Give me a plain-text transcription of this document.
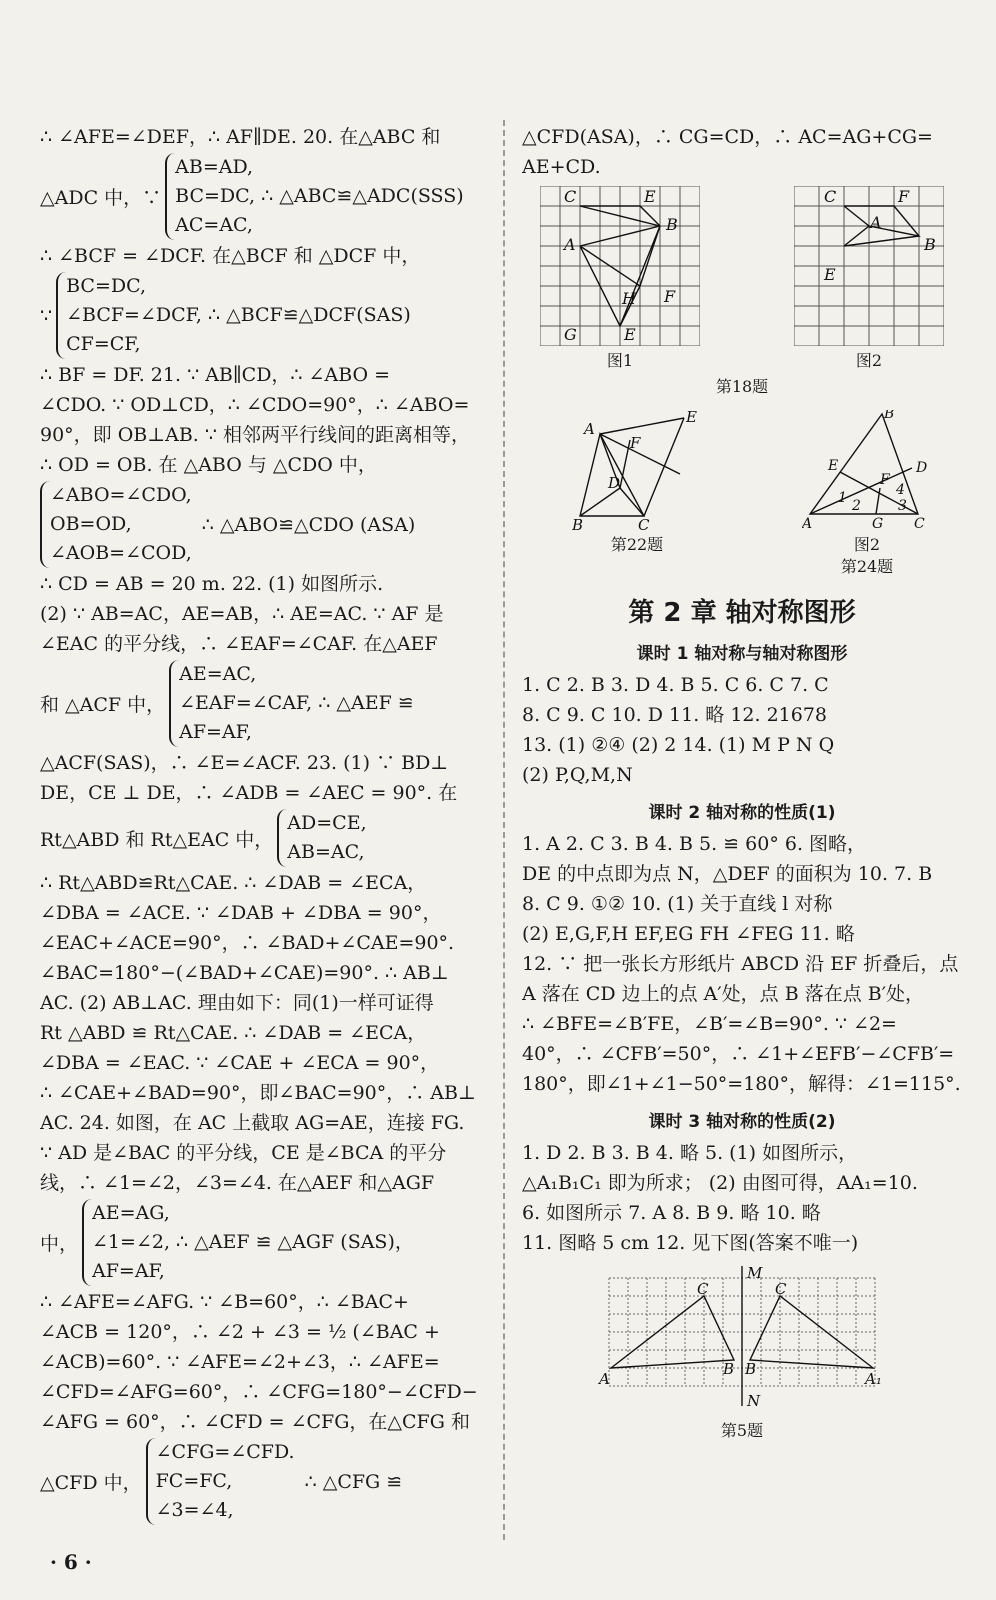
∴ ∠AFE=∠DEF，∴ AF∥DE. 20. 在△ABC 和
△ADC 中，∵
AB=AD,
BC=DC, ∴ △ABC≌△ADC(SSS)
AC=AC,
∴ ∠BCF = ∠DCF. 在△BCF 和 △DCF 中，
∵
BC=DC,
∠BCF=∠DCF, ∴ △BCF≌△DCF(SAS)
CF=CF,
∴ BF = DF. 21. ∵ AB∥CD，∴ ∠ABO =
∠CDO. ∵ OD⊥CD，∴ ∠CDO=90°，∴ ∠ABO=
90°，即 OB⊥AB. ∵ 相邻两平行线间的距离相等，
∴ OD = OB. 在 △ABO 与 △CDO 中，
∠ABO=∠CDO,
OB=OD,
∠AOB=∠COD,
∴ △ABO≌△CDO (ASA)
∴ CD = AB = 20 m. 22. (1) 如图所示.
(2) ∵ AB=AC，AE=AB，∴ AE=AC. ∵ AF 是
∠EAC 的平分线，∴ ∠EAF=∠CAF. 在△AEF
和 △ACF 中，
AE=AC,
∠EAF=∠CAF, ∴ △AEF ≌
AF=AF,
△ACF(SAS)，∴ ∠E=∠ACF. 23. (1) ∵ BD⊥
DE，CE ⊥ DE，∴ ∠ADB = ∠AEC = 90°. 在
Rt△ABD 和 Rt△EAC 中，
AD=CE,
AB=AC,
∴ Rt△ABD≌Rt△CAE. ∴ ∠DAB = ∠ECA，
∠DBA = ∠ACE. ∵ ∠DAB + ∠DBA = 90°，
∠EAC+∠ACE=90°，∴ ∠BAD+∠CAE=90°.
∠BAC=180°−(∠BAD+∠CAE)=90°. ∴ AB⊥
AC. (2) AB⊥AC. 理由如下：同(1)一样可证得
Rt △ABD ≌ Rt△CAE. ∴ ∠DAB = ∠ECA，
∠DBA = ∠EAC. ∵ ∠CAE + ∠ECA = 90°，
∴ ∠CAE+∠BAD=90°，即∠BAC=90°，∴ AB⊥
AC. 24. 如图，在 AC 上截取 AG=AE，连接 FG.
∵ AD 是∠BAC 的平分线，CE 是∠BCA 的平分
线，∴ ∠1=∠2，∠3=∠4. 在△AEF 和△AGF
中，
AE=AG,
∠1=∠2, ∴ △AEF ≌ △AGF (SAS)，
AF=AF,
∴ ∠AFE=∠AFG. ∵ ∠B=60°，∴ ∠BAC+
∠ACB = 120°，∴ ∠2 + ∠3 = ½ (∠BAC +
∠ACB)=60°. ∵ ∠AFE=∠2+∠3，∴ ∠AFE=
∠CFD=∠AFG=60°，∴ ∠CFG=180°−∠CFD−
∠AFG = 60°，∴ ∠CFD = ∠CFG，在△CFG 和
△CFD 中，
∠CFG=∠CFD.
FC=FC,
∠3=∠4,
∴ △CFG ≌
△CFD(ASA)，∴ CG=CD，∴ AC=AG+CG=
AE+CD.
C	E
B
A
H F
G	E
图1
C	F
A
B
E
图2
第18题
A
F
E
D
B	C
第22题
B
E	D
F
4
1 2	3
A	G C
图2
第24题
第 2 章 轴对称图形
课时 1 轴对称与轴对称图形
1. C 2. B 3. D 4. B 5. C 6. C 7. C
8. C 9. C 10. D 11. 略 12. 21678
13. (1) ②④ (2) 2 14. (1) M P N Q
(2) P,Q,M,N
课时 2 轴对称的性质(1)
1. A 2. C 3. B 4. B 5. ≌ 60° 6. 图略，
DE 的中点即为点 N，△DEF 的面积为 10. 7. B
8. C 9. ①② 10. (1) 关于直线 l 对称
(2) E,G,F,H EF,EG FH ∠FEG 11. 略
12. ∵ 把一张长方形纸片 ABCD 沿 EF 折叠后，点
A 落在 CD 边上的点 A′处，点 B 落在点 B′处，
∴ ∠BFE=∠B′FE，∠B′=∠B=90°. ∵ ∠2=
40°，∴ ∠CFB′=50°，∴ ∠1+∠EFB′−∠CFB′=
180°，即∠1+∠1−50°=180°，解得：∠1=115°.
课时 3 轴对称的性质(2)
1. D 2. B 3. B 4. 略 5. (1) 如图所示，
△A₁B₁C₁ 即为所求； (2) 由图可得，AA₁=10.
6. 如图所示 7. A 8. B 9. 略 10. 略
11. 图略 5 cm 12. 见下图(答案不唯一)
M
C	C
A
B B
A₁
N
第5题
· 6 ·
